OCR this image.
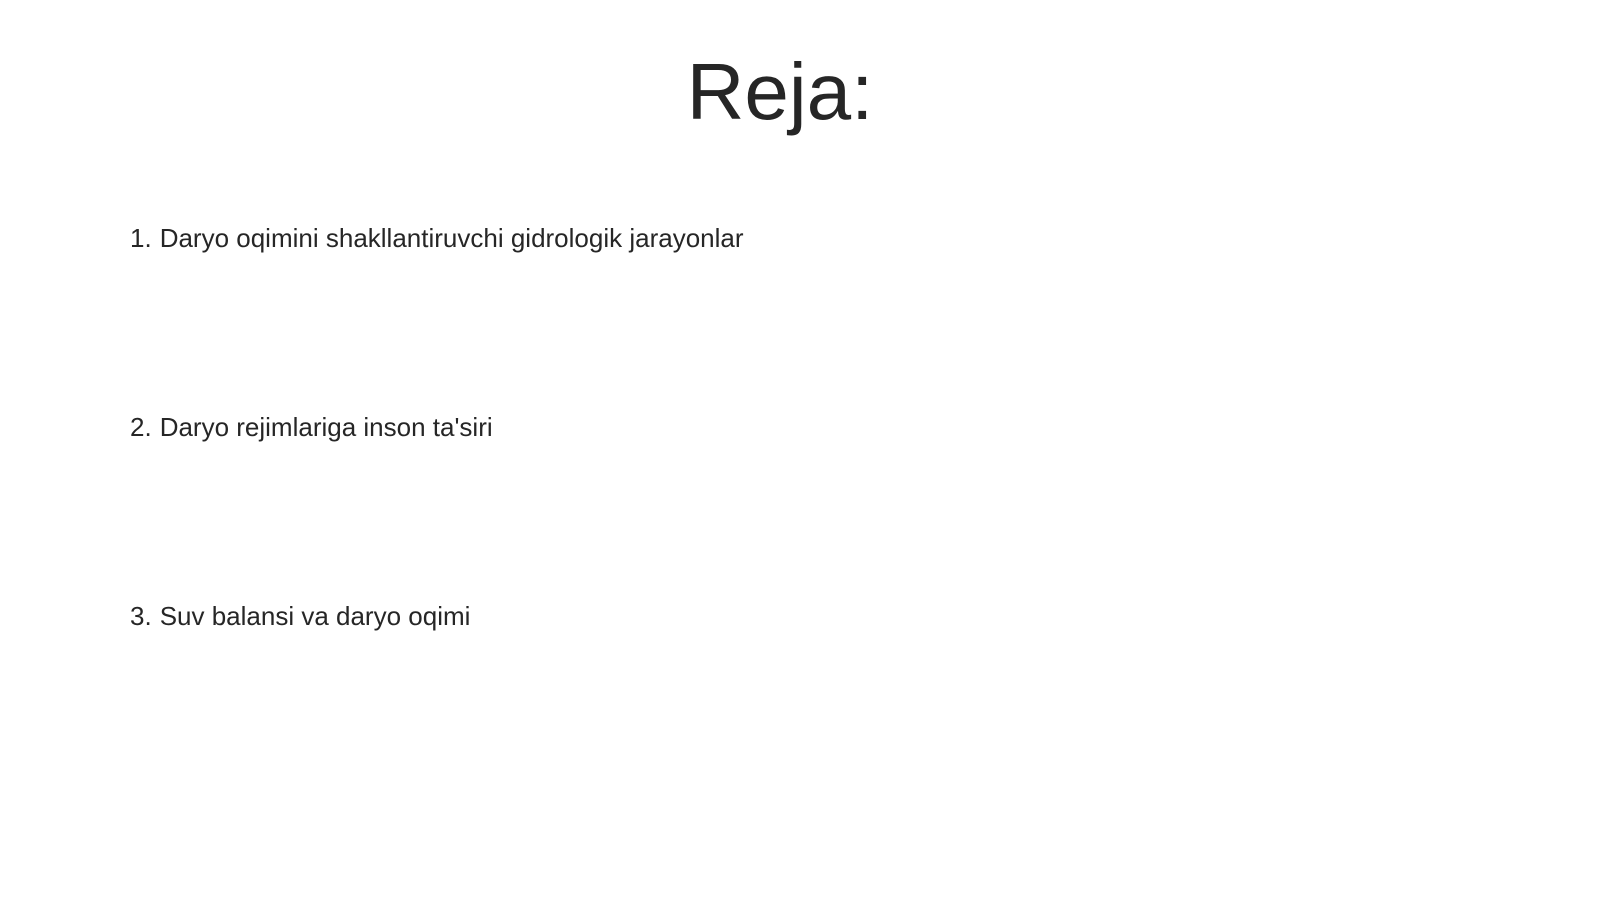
Reja:
1. Daryo oqimini shakllantiruvchi gidrologik jarayonlar
2. Daryo rejimlariga inson ta'siri
3. Suv balansi va daryo oqimi
